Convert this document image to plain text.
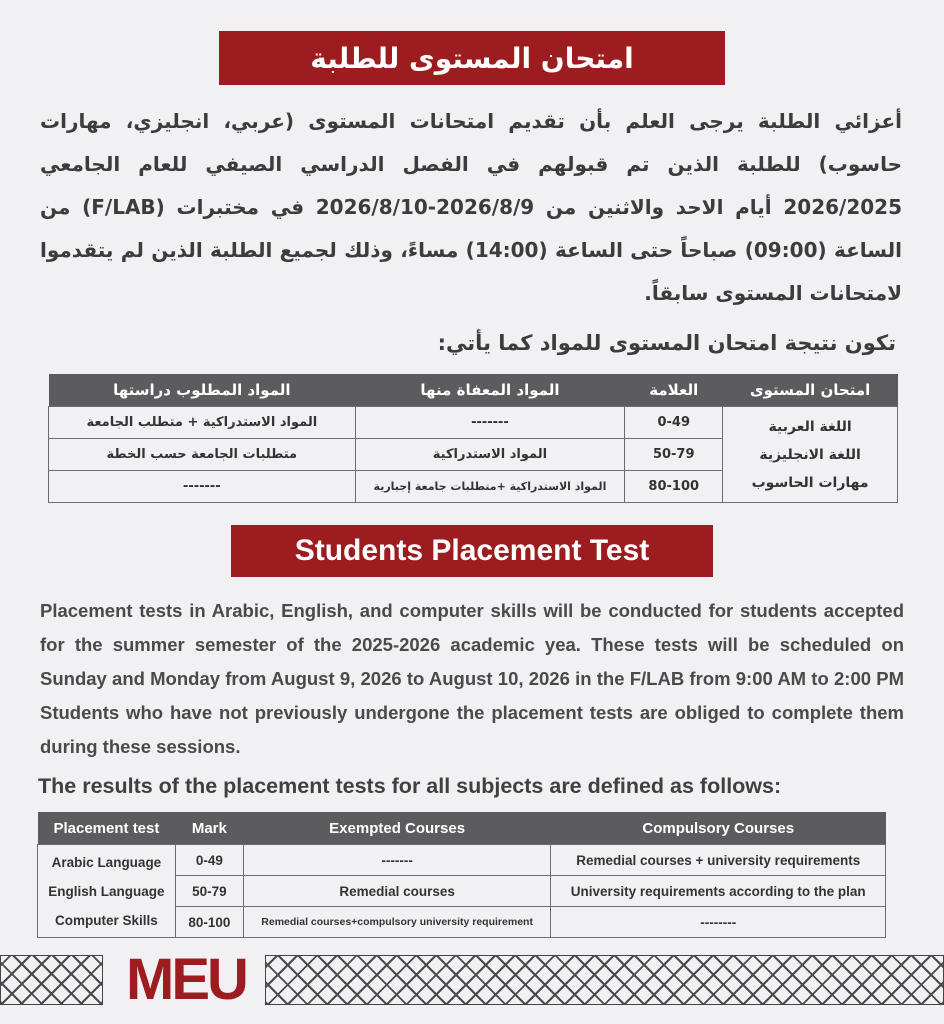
امتحان المستوى للطلبة
أعزائي الطلبة يرجى العلم بأن تقديم امتحانات المستوى (عربي، انجليزي، مهارات حاسوب) للطلبة الذين تم قبولهم في الفصل الدراسي الصيفي للعام الجامعي 2026/2025 أيام الاحد والاثنين من 2026/8/9-2026/8/10 في مختبرات (F/LAB) من الساعة (09:00) صباحاً حتى الساعة (14:00) مساءً، وذلك لجميع الطلبة الذين لم يتقدموا لامتحانات المستوى سابقاً.
تكون نتيجة امتحان المستوى للمواد كما يأتي:
امتحان المستوى	العلامة	المواد المعفاة منها	المواد المطلوب دراستها

اللغة العربية
اللغة الانجليزية
مهارات الحاسوب	0-49	-------	المواد الاستدراكية + متطلب الجامعة
	50-79	المواد الاستدراكية	متطلبات الجامعة حسب الخطة
	80-100	المواد الاستدراكية +متطلبات جامعة إجبارية	-------
Students Placement Test
Placement tests in Arabic, English, and computer skills will be conducted for students accepted for the summer semester of the 2025-2026 academic yea. These tests will be scheduled on Sunday and Monday from August 9, 2026 to August 10, 2026 in the F/LAB from 9:00 AM to 2:00 PM Students who have not previously undergone the placement tests are obliged to complete them during these sessions.
The results of the placement tests for all subjects are defined as follows:
Placement test	Mark	Exempted Courses	Compulsory Courses

Arabic Language
English Language
Computer Skills	0-49	-------	Remedial courses + university requirements
	50-79	Remedial courses	University requirements according to the plan
	80-100	Remedial courses+compulsory university requirement	--------
MEU
